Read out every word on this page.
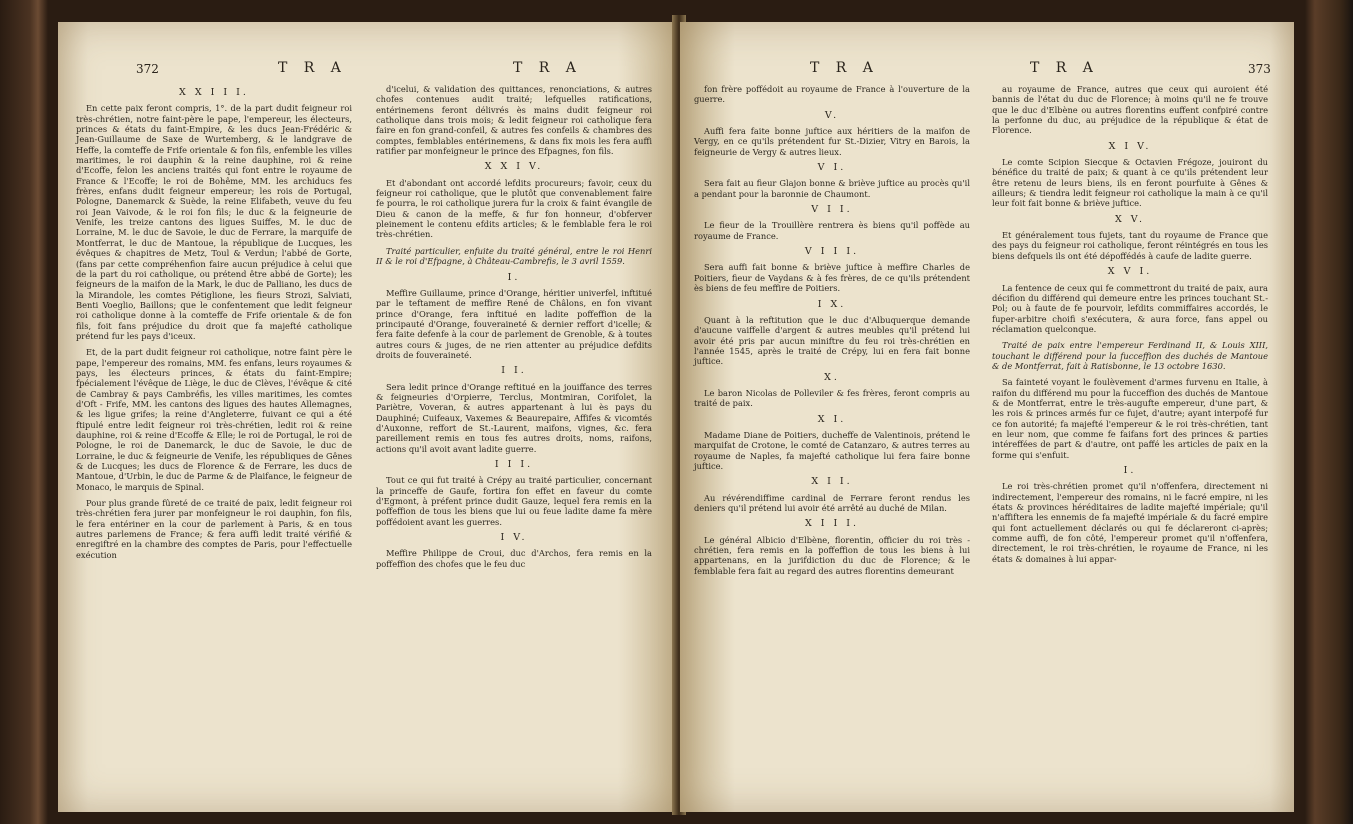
372	T R A	T R A
X X I I I.

En cette paix feront compris, 1°. de la part dudit feigneur roi très-chrétien, notre faint-père le pape, l'empereur, les électeurs, princes & états du faint-Empire, & les ducs Jean-Frédéric & Jean-Guillaume de Saxe de Wurtemberg, & le landgrave de Heffe, la comteffe de Frife orientale & fon fils, enfemble les villes maritimes, le roi dauphin & la reine dauphine, roi & reine d'Ecoffe, felon les anciens traités qui font entre le royaume de France & l'Ecoffe; le roi de Bohême, MM. les archiducs fes frères, enfans dudit feigneur empereur; les rois de Portugal, Pologne, Danemarck & Suède, la reine Elifabeth, veuve du feu roi Jean Vaivode, & le roi fon fils; le duc & la feigneurie de Venife, les treize cantons des ligues Suiffes, M. le duc de Lorraine, M. le duc de Savoie, le duc de Ferrare, la marquife de Montferrat, le duc de Mantoue, la république de Lucques, les évêques & chapitres de Metz, Toul & Verdun; l'abbé de Gorte, (fans par cette compréhenfion faire aucun préjudice à celui que de la part du roi catholique, ou prétend être abbé de Gorte); les feigneurs de la maifon de la Mark, le duc de Palliano, les ducs de la Mirandole, les comtes Pétiglione, les fieurs Strozi, Salviati, Benti Voeglio, Baillons; que le confentement que ledit feigneur roi catholique donne à la comteffe de Frife orientale & de fon fils, foit fans préjudice du droit que fa majefté catholique prétend fur les pays d'iceux.

Et, de la part dudit feigneur roi catholique, notre faint père le pape, l'empereur des romains, MM. fes enfans, leurs royaumes & pays, les électeurs princes, & états du faint-Empire; fpécialement l'évêque de Liège, le duc de Clèves, l'évêque & cité de Cambray & pays Cambréfis, les villes maritimes, les comtes d'Oft - Frife, MM. les cantons des ligues des hautes Allemagnes, & les ligue grifes; la reine d'Angleterre, fuivant ce qui a été ftipulé entre ledit feigneur roi très-chrétien, ledit roi & reine dauphine, roi & reine d'Ecoffe & Elle; le roi de Portugal, le roi de Pologne, le roi de Danemarck, le duc de Savoie, le duc de Lorraine, le duc & feigneurie de Venife, les républiques de Gênes & de Lucques; les ducs de Florence & de Ferrare, les ducs de Mantoue, d'Urbin, le duc de Parme & de Plaifance, le feigneur de Monaco, le marquis de Spinal.

Pour plus grande fûreté de ce traité de paix, ledit feigneur roi très-chrétien fera jurer par monfeigneur le roi dauphin, fon fils, le fera entériner en la cour de parlement à Paris, & en tous autres parlemens de France; & fera auffi ledit traité vérifié & enregiftré en la chambre des comptes de Paris, pour l'effectuelle exécution

d'icelui, & validation des quittances, renonciations, & autres chofes contenues audit traité; lefquelles ratifications, entérinemens feront délivrés ès mains dudit feigneur roi catholique dans trois mois; & ledit feigneur roi catholique fera faire en fon grand-confeil, & autres fes confeils & chambres des comptes, femblables entérinemens, & dans fix mois les fera auffi ratifier par monfeigneur le prince des Efpagnes, fon fils.

X X I V.

Et d'abondant ont accordé lefdits procureurs; favoir, ceux du feigneur roi catholique, que le plutôt que convenablement faire fe pourra, le roi catholique jurera fur la croix & faint évangile de Dieu & canon de la meffe, & fur fon honneur, d'obferver pleinement le contenu efdits articles; & le femblable fera le roi très-chrétien.

Traité particulier, enfuite du traité général, entre le roi Henri II & le roi d'Efpagne, à Château-Cambrefis, le 3 avril 1559.

I.

Meffire Guillaume, prince d'Orange, héritier univerfel, inftitué par le teftament de meffire René de Châlons, en fon vivant prince d'Orange, fera inftitué en ladite poffeffion de la principauté d'Orange, fouveraineté & dernier reffort d'icelle; & fera faite defenfe à la cour de parlement de Grenoble, & à toutes autres cours & juges, de ne rien attenter au préjudice defdits droits de fouveraineté.

I I.

Sera ledit prince d'Orange reftitué en la jouiffance des terres & feigneuries d'Orpierre, Terclus, Montmiran, Corifolet, la Pariètre, Voveran, & autres appartenant à lui ès pays du Dauphiné; Cuifeaux, Vaxemes & Beaurepaire, Affifes & vicomtés d'Auxonne, reffort de St.-Laurent, maifons, vignes, &c. fera pareillement remis en tous fes autres droits, noms, raifons, actions qu'il avoit avant ladite guerre.

I I I.

Tout ce qui fut traité à Crépy au traité particulier, concernant la princeffe de Gaufe, fortira fon effet en faveur du comte d'Egmont, à préfent prince dudit Gauze, lequel fera remis en la poffeffion de tous les biens que lui ou feue ladite dame fa mère poffédoient avant les guerres.

I V.

Meffire Philippe de Croui, duc d'Archos, fera remis en la poffeffion des chofes que le feu duc

T R A	T R A	373

fon frère poffédoit au royaume de France à l'ouverture de la guerre.

V.

Auffi fera faite bonne juftice aux héritiers de la maifon de Vergy, en ce qu'ils prétendent fur St.-Dizier, Vitry en Barois, la feigneurie de Vergy & autres lieux.

V I.

Sera fait au fieur Glajon bonne & briève juftice au procès qu'il a pendant pour la baronnie de Chaumont.

V I I.

Le fieur de la Trouillère rentrera ès biens qu'il poffède au royaume de France.

V I I I.

Sera auffi fait bonne & briève juftice à meffire Charles de Poitiers, fieur de Vaydans & à fes frères, de ce qu'ils prétendent ès biens de feu meffire de Poitiers.

I X.

Quant à la reftitution que le duc d'Albuquerque demande d'aucune vaiffelle d'argent & autres meubles qu'il prétend lui avoir été pris par aucun miniftre du feu roi très-chrétien en l'année 1545, après le traité de Crépy, lui en fera fait bonne juftice.

X.

Le baron Nicolas de Polleviler & fes frères, feront compris au traité de paix.

X I.

Madame Diane de Poitiers, ducheffe de Valentinois, prétend le marquifat de Crotone, le comté de Catanzaro, & autres terres au royaume de Naples, fa majefté catholique lui fera faire bonne juftice.

X I I.

Au révérendiffime cardinal de Ferrare feront rendus les deniers qu'il prétend lui avoir été arrêté au duché de Milan.

X I I I.

Le général Albicio d'Elbène, florentin, officier du roi très - chrétien, fera remis en la poffeffion de tous les biens à lui appartenans, en la jurifdiction du duc de Florence; & le femblable fera fait au regard des autres florentins demeurant

au royaume de France, autres que ceux qui auroient été bannis de l'état du duc de Florence; à moins qu'il ne fe trouve que le duc d'Elbène ou autres florentins euffent confpiré contre la perfonne du duc, au préjudice de la république & état de Florence.

X I V.

Le comte Scipion Siecque & Octavien Frégoze, jouiront du bénéfice du traité de paix; & quant à ce qu'ils prétendent leur être retenu de leurs biens, ils en feront pourfuite à Gênes & ailleurs; & tiendra ledit feigneur roi catholique la main à ce qu'il leur foit fait bonne & briève juftice.

X V.

Et généralement tous fujets, tant du royaume de France que des pays du feigneur roi catholique, feront réintégrés en tous les biens defquels ils ont été dépoffédés à caufe de ladite guerre.

X V I.

La fentence de ceux qui fe commettront du traité de paix, aura décifion du différend qui demeure entre les princes touchant St.-Pol; ou à faute de fe pourvoir, lefdits commiffaires accordés, le fuper-arbitre choifi s'exécutera, & aura force, fans appel ou réclamation quelconque.

Traité de paix entre l'empereur Ferdinand II, & Louis XIII, touchant le différend pour la fucceffion des duchés de Mantoue & de Montferrat, fait à Ratisbonne, le 13 octobre 1630.

Sa fainteté voyant le foulèvement d'armes furvenu en Italie, à raifon du différend mu pour la fucceffion des duchés de Mantoue & de Montferrat, entre le très-augufte empereur, d'une part, & les rois & princes armés fur ce fujet, d'autre; ayant interpofé fur ce fon autorité; fa majefté l'empereur & le roi très-chrétien, tant en leur nom, que comme fe faifans fort des princes & parties intéreffées de part & d'autre, ont paffé les articles de paix en la forme qui s'enfuit.

I.

Le roi très-chrétien promet qu'il n'offenfera, directement ni indirectement, l'empereur des romains, ni le facré empire, ni les états & provinces héréditaires de ladite majefté impériale; qu'il n'affiftera les ennemis de fa majefté impériale & du facré empire qui font actuellement déclarés ou qui fe déclareront ci-après; comme auffi, de fon côté, l'empereur promet qu'il n'offenfera, directement, le roi très-chrétien, le royaume de France, ni les états & domaines à lui appar-
